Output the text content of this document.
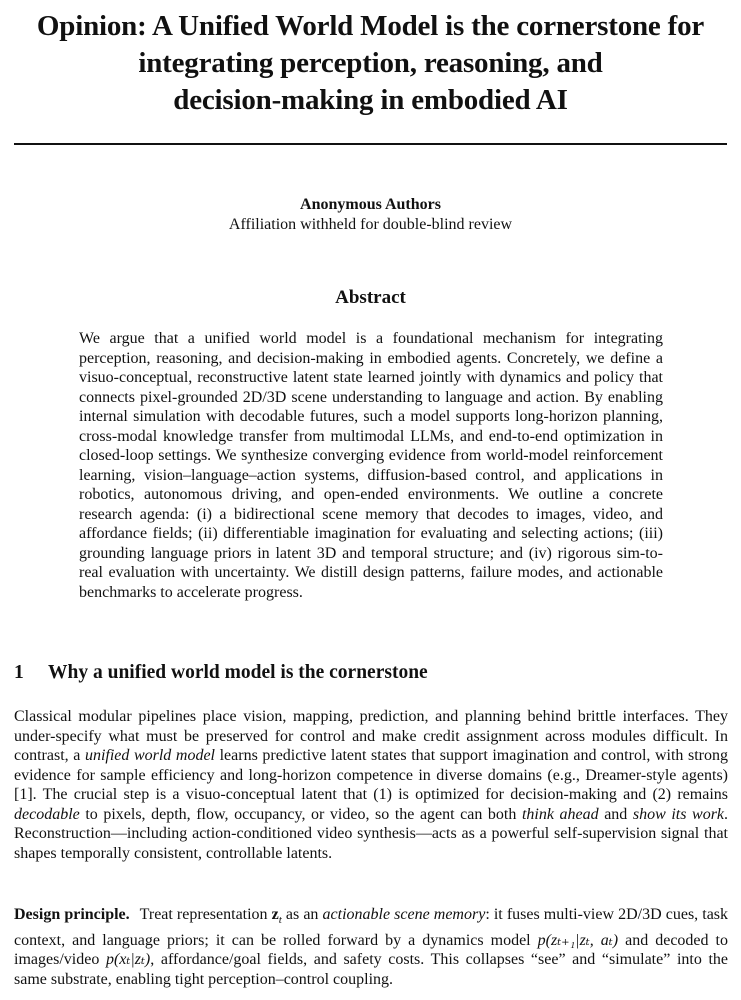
Opinion: A Unified World Model is the cornerstone for
integrating perception, reasoning, and
decision-making in embodied AI
Anonymous Authors
Affiliation withheld for double-blind review
Abstract
We argue that a unified world model is a foundational mechanism for integrating perception, reasoning, and decision-making in embodied agents. Concretely, we define a visuo-conceptual, reconstructive latent state learned jointly with dynamics and policy that connects pixel-grounded 2D/3D scene understanding to language and action. By enabling internal simulation with decodable futures, such a model supports long-horizon planning, cross-modal knowledge transfer from multimodal LLMs, and end-to-end optimization in closed-loop settings. We synthesize converging evidence from world-model reinforcement learning, vision–language–action systems, diffusion-based control, and applications in robotics, autonomous driving, and open-ended environments. We outline a concrete research agenda: (i) a bidirectional scene memory that decodes to images, video, and affordance fields; (ii) differentiable imagination for evaluating and selecting actions; (iii) grounding language priors in latent 3D and temporal structure; and (iv) rigorous sim-to-real evaluation with uncertainty. We distill design patterns, failure modes, and actionable benchmarks to accelerate progress.
1 Why a unified world model is the cornerstone
Classical modular pipelines place vision, mapping, prediction, and planning behind brittle interfaces. They under-specify what must be preserved for control and make credit assignment across modules difficult. In contrast, a unified world model learns predictive latent states that support imagination and control, with strong evidence for sample efficiency and long-horizon competence in diverse domains (e.g., Dreamer-style agents) [1]. The crucial step is a visuo-conceptual latent that (1) is optimized for decision-making and (2) remains decodable to pixels, depth, flow, occupancy, or video, so the agent can both think ahead and show its work. Reconstruction—including action-conditioned video synthesis—acts as a powerful self-supervision signal that shapes temporally consistent, controllable latents.
Design principle. Treat representation $z_t$ as an actionable scene memory: it fuses multi-view 2D/3D cues, task context, and language priors; it can be rolled forward by a dynamics model p(zₜ₊₁|zₜ, aₜ) and decoded to images/video p(xₜ|zₜ), affordance/goal fields, and safety costs. This collapses “see” and “simulate” into the same substrate, enabling tight perception–control coupling.
